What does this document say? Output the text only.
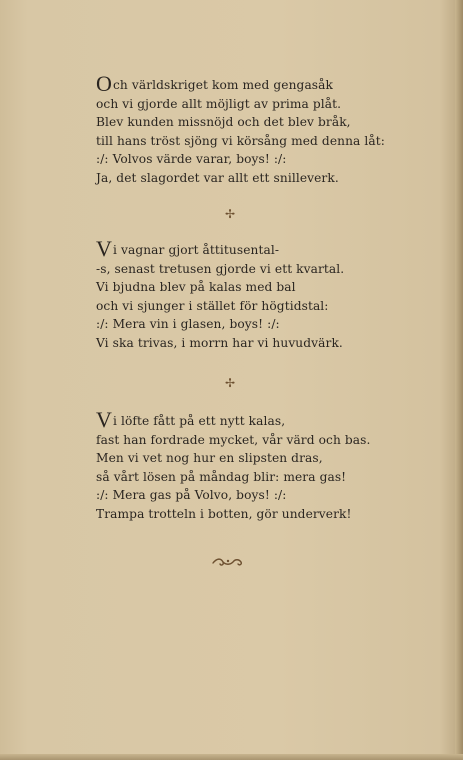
Och världskriget kom med gengasåk
och vi gjorde allt möjligt av prima plåt.
Blev kunden missnöjd och det blev bråk,
till hans tröst sjöng vi körsång med denna låt:
:/: Volvos värde varar, boys! :/:
Ja, det slagordet var allt ett snilleverk.
✢
Vi vagnar gjort åttitusental-
-s, senast tretusen gjorde vi ett kvartal.
Vi bjudna blev på kalas med bal
och vi sjunger i stället för högtidstal:
:/: Mera vin i glasen, boys! :/:
Vi ska trivas, i morrn har vi huvudvärk.
✢
Vi löfte fått på ett nytt kalas,
fast han fordrade mycket, vår värd och bas.
Men vi vet nog hur en slipsten dras,
så vårt lösen på måndag blir: mera gas!
:/: Mera gas på Volvo, boys! :/:
Trampa trotteln i botten, gör underverk!
